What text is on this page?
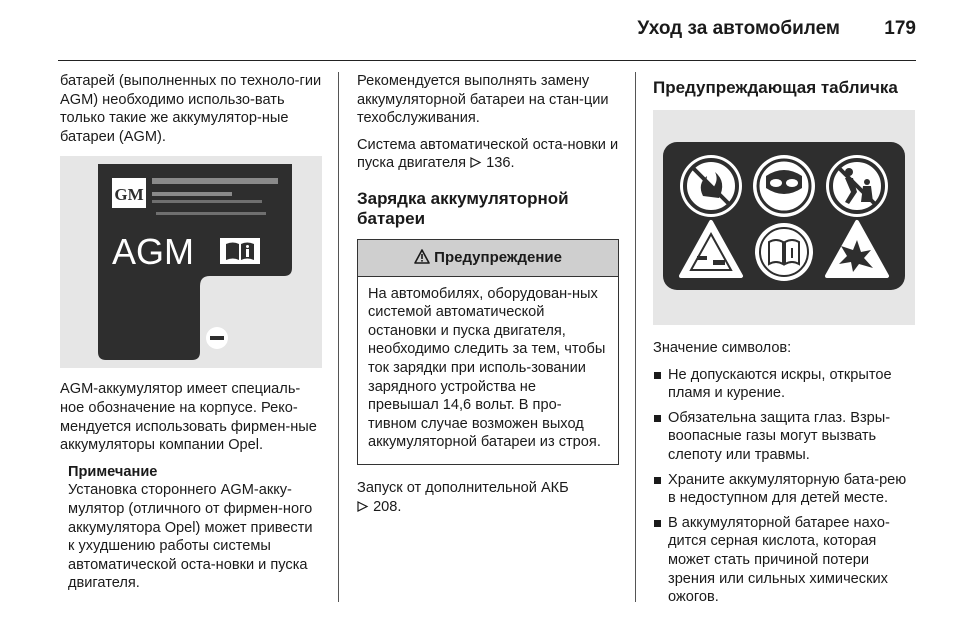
Уход за автомобилем	179

батарей (выполненных по техноло-гии AGM) необходимо использо-вать только такие же аккумулятор-ные батареи (AGM).

GM
AGM

AGM-аккумулятор имеет специаль-ное обозначение на корпусе. Реко-мендуется использовать фирмен-ные аккумуляторы компании Opel.

Примечание
Установка стороннего AGM-акку-мулятор (отличного от фирмен-ного аккумулятора Opel) может привести к ухудшению работы системы автоматической оста-новки и пуска двигателя.

Рекомендуется выполнять замену аккумуляторной батареи на стан-ции техобслуживания.

Система автоматической оста-новки и пуска двигателя 136.

Зарядка аккумуляторной батареи
Предупреждение
На автомобилях, оборудован-ных системой автоматической остановки и пуска двигателя, необходимо следить за тем, чтобы ток зарядки при исполь-зовании зарядного устройства не превышал 14,6 вольт. В про-тивном случае возможен выход аккумуляторной батареи из строя.

Запуск от дополнительной АКБ
208.

Предупреждающая табличка

Значение символов:

Не допускаются искры, открытое пламя и курение.
Обязательна защита глаз. Взры-воопасные газы могут вызвать слепоту или травмы.
Храните аккумуляторную бата-рею в недоступном для детей месте.
В аккумуляторной батарее нахо-дится серная кислота, которая может стать причиной потери зрения или сильных химических ожогов.
